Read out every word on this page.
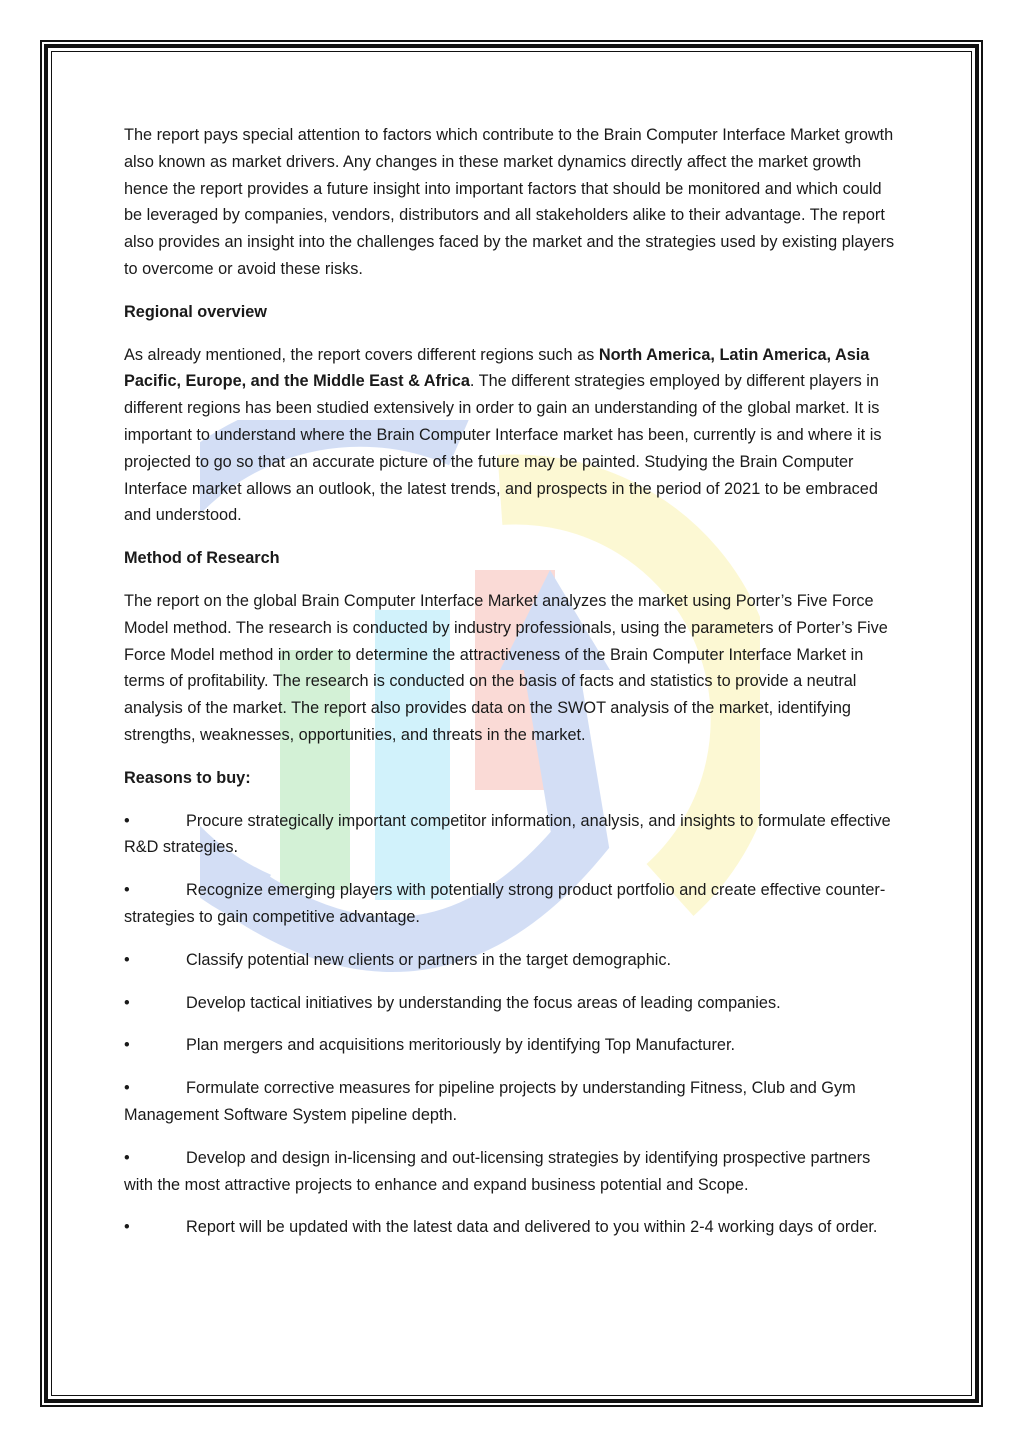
The report pays special attention to factors which contribute to the Brain Computer Interface Market growth also known as market drivers. Any changes in these market dynamics directly affect the market growth hence the report provides a future insight into important factors that should be monitored and which could be leveraged by companies, vendors, distributors and all stakeholders alike to their advantage. The report also provides an insight into the challenges faced by the market and the strategies used by existing players to overcome or avoid these risks.

Regional overview

As already mentioned, the report covers different regions such as North America, Latin America, Asia Pacific, Europe, and the Middle East & Africa. The different strategies employed by different players in different regions has been studied extensively in order to gain an understanding of the global market. It is important to understand where the Brain Computer Interface market has been, currently is and where it is projected to go so that an accurate picture of the future may be painted. Studying the Brain Computer Interface market allows an outlook, the latest trends, and prospects in the period of 2021 to be embraced and understood.

Method of Research

The report on the global Brain Computer Interface Market analyzes the market using Porter’s Five Force Model method. The research is conducted by industry professionals, using the parameters of Porter’s Five Force Model method in order to determine the attractiveness of the Brain Computer Interface Market in terms of profitability. The research is conducted on the basis of facts and statistics to provide a neutral analysis of the market. The report also provides data on the SWOT analysis of the market, identifying strengths, weaknesses, opportunities, and threats in the market.

Reasons to buy:

•	Procure strategically important competitor information, analysis, and insights to formulate effective R&D strategies.

•	Recognize emerging players with potentially strong product portfolio and create effective counter-strategies to gain competitive advantage.

•	Classify potential new clients or partners in the target demographic.

•	Develop tactical initiatives by understanding the focus areas of leading companies.

•	Plan mergers and acquisitions meritoriously by identifying Top Manufacturer.

•	Formulate corrective measures for pipeline projects by understanding Fitness, Club and Gym Management Software System pipeline depth.

•	Develop and design in-licensing and out-licensing strategies by identifying prospective partners with the most attractive projects to enhance and expand business potential and Scope.

•	Report will be updated with the latest data and delivered to you within 2-4 working days of order.
